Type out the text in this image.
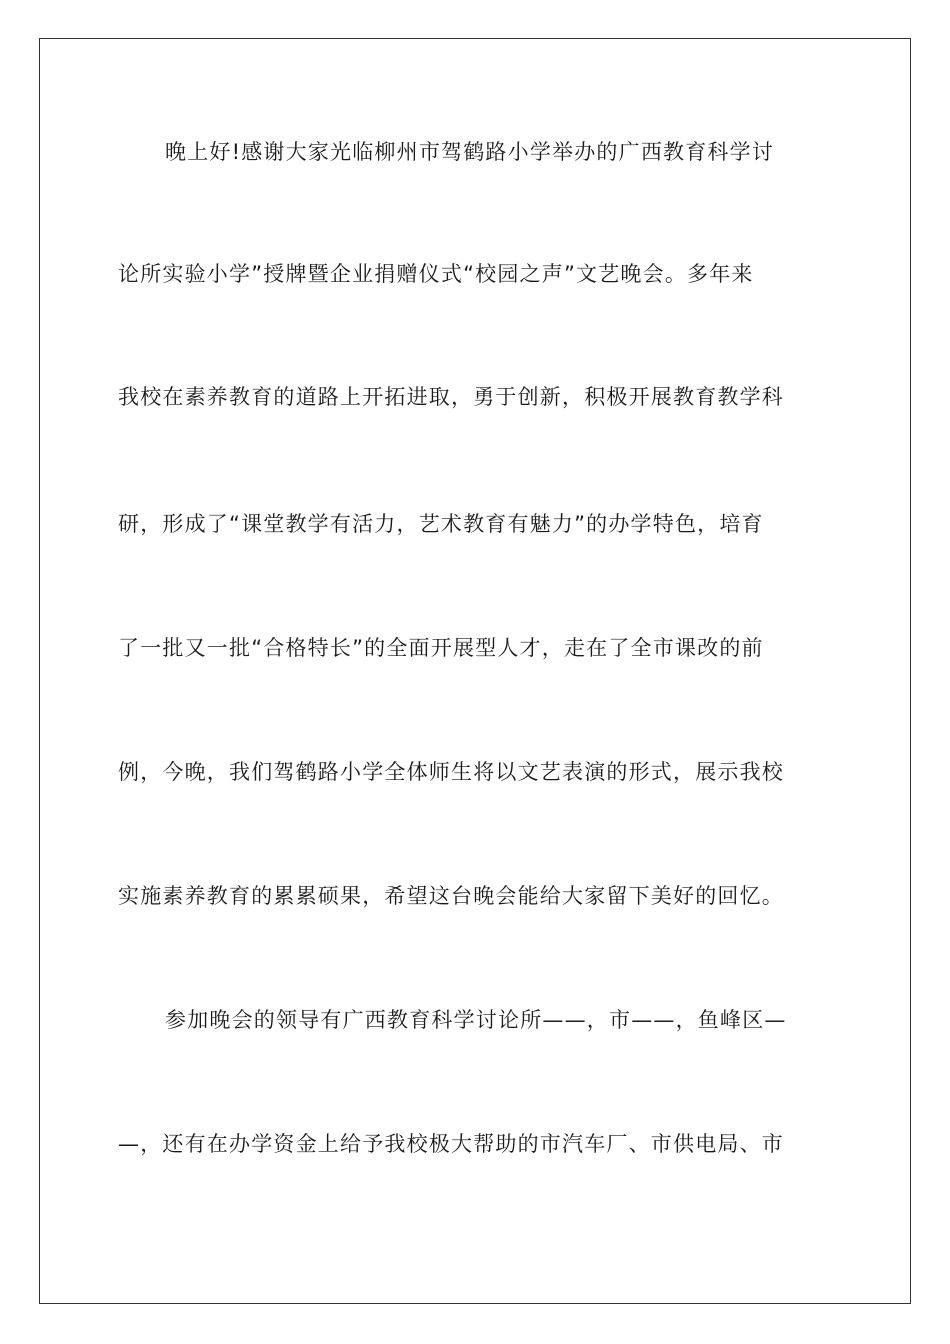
晚上好!感谢大家光临柳州市驾鹤路小学举办的广西教育科学讨
论所实验小学”授牌暨企业捐赠仪式“校园之声”文艺晚会。多年来
我校在素养教育的道路上开拓进取，勇于创新，积极开展教育教学科
研，形成了“课堂教学有活力，艺术教育有魅力”的办学特色，培育
了一批又一批“合格特长”的全面开展型人才，走在了全市课改的前
例，今晚，我们驾鹤路小学全体师生将以文艺表演的形式，展示我校
实施素养教育的累累硕果，希望这台晚会能给大家留下美好的回忆。
参加晚会的领导有广西教育科学讨论所——，市——，鱼峰区—
—，还有在办学资金上给予我校极大帮助的市汽车厂、市供电局、市
